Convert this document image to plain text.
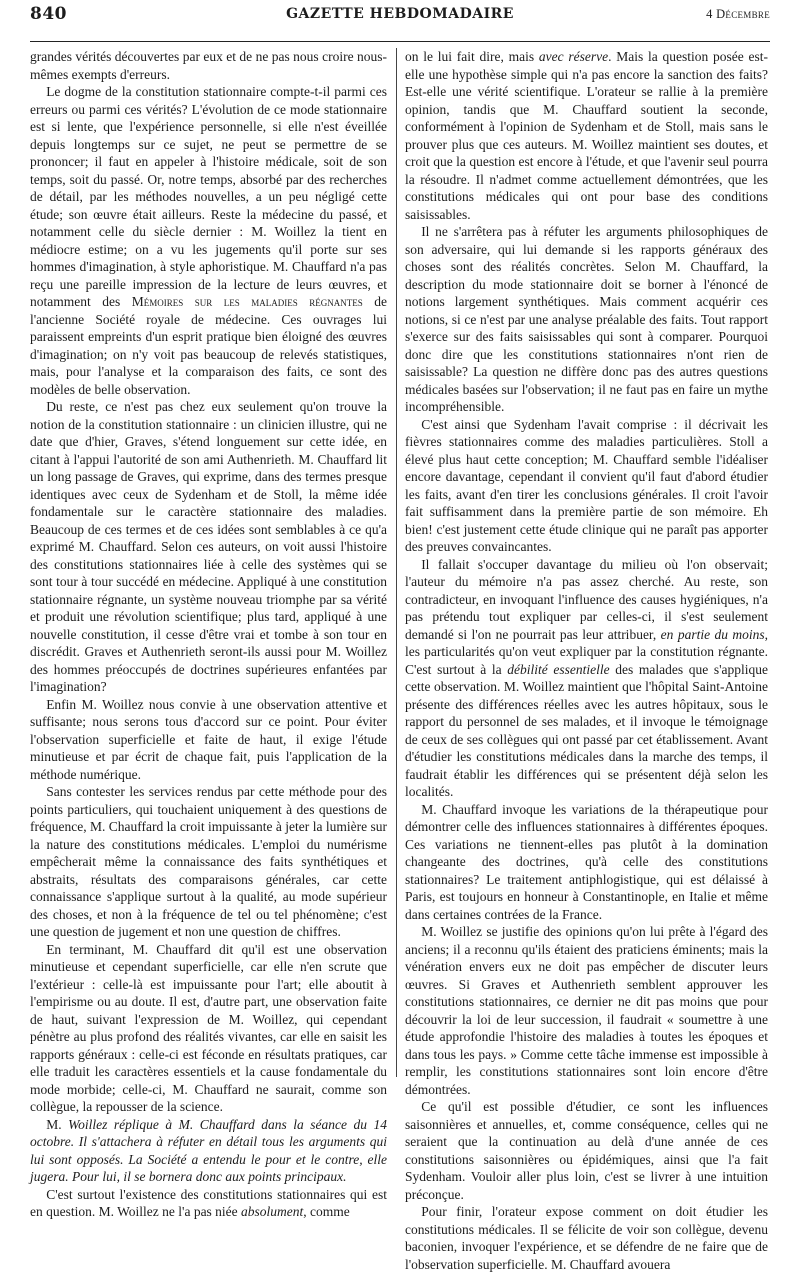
840	GAZETTE HEBDOMADAIRE	4 Décembre

grandes vérités découvertes par eux et de ne pas nous croire nous-mêmes exempts d'erreurs.

Le dogme de la constitution stationnaire compte-t-il parmi ces erreurs ou parmi ces vérités? L'évolution de ce mode stationnaire est si lente, que l'expérience personnelle, si elle n'est éveillée depuis longtemps sur ce sujet, ne peut se permettre de se prononcer; il faut en appeler à l'histoire médicale, soit de son temps, soit du passé. Or, notre temps, absorbé par des recherches de détail, par les méthodes nouvelles, a un peu négligé cette étude; son œuvre était ailleurs. Reste la médecine du passé, et notamment celle du siècle dernier : M. Woillez la tient en médiocre estime; on a vu les jugements qu'il porte sur ses hommes d'imagination, à style aphoristique. M. Chauffard n'a pas reçu une pareille impression de la lecture de leurs œuvres, et notamment des Mémoires sur les maladies régnantes de l'ancienne Société royale de médecine. Ces ouvrages lui paraissent empreints d'un esprit pratique bien éloigné des œuvres d'imagination; on n'y voit pas beaucoup de relevés statistiques, mais, pour l'analyse et la comparaison des faits, ce sont des modèles de belle observation.

Du reste, ce n'est pas chez eux seulement qu'on trouve la notion de la constitution stationnaire : un clinicien illustre, qui ne date que d'hier, Graves, s'étend longuement sur cette idée, en citant à l'appui l'autorité de son ami Authenrieth. M. Chauffard lit un long passage de Graves, qui exprime, dans des termes presque identiques avec ceux de Sydenham et de Stoll, la même idée fondamentale sur le caractère stationnaire des maladies. Beaucoup de ces termes et de ces idées sont semblables à ce qu'a exprimé M. Chauffard. Selon ces auteurs, on voit aussi l'histoire des constitutions stationnaires liée à celle des systèmes qui se sont tour à tour succédé en médecine. Appliqué à une constitution stationnaire régnante, un système nouveau triomphe par sa vérité et produit une révolution scientifique; plus tard, appliqué à une nouvelle constitution, il cesse d'être vrai et tombe à son tour en discrédit. Graves et Authenrieth seront-ils aussi pour M. Woillez des hommes préoccupés de doctrines supérieures enfantées par l'imagination?

Enfin M. Woillez nous convie à une observation attentive et suffisante; nous serons tous d'accord sur ce point. Pour éviter l'observation superficielle et faite de haut, il exige l'étude minutieuse et par écrit de chaque fait, puis l'application de la méthode numérique.

Sans contester les services rendus par cette méthode pour des points particuliers, qui touchaient uniquement à des questions de fréquence, M. Chauffard la croit impuissante à jeter la lumière sur la nature des constitutions médicales. L'emploi du numérisme empêcherait même la connaissance des faits synthétiques et abstraits, résultats des comparaisons générales, car cette connaissance s'applique surtout à la qualité, au mode supérieur des choses, et non à la fréquence de tel ou tel phénomène; c'est une question de jugement et non une question de chiffres.

En terminant, M. Chauffard dit qu'il est une observation minutieuse et cependant superficielle, car elle n'en scrute que l'extérieur : celle-là est impuissante pour l'art; elle aboutit à l'empirisme ou au doute. Il est, d'autre part, une observation faite de haut, suivant l'expression de M. Woillez, qui cependant pénètre au plus profond des réalités vivantes, car elle en saisit les rapports généraux : celle-ci est féconde en résultats pratiques, car elle traduit les caractères essentiels et la cause fondamentale du mode morbide; celle-ci, M. Chauffard ne saurait, comme son collègue, la repousser de la science.

M. Woillez réplique à M. Chauffard dans la séance du 14 octobre. Il s'attachera à réfuter en détail tous les arguments qui lui sont opposés. La Société a entendu le pour et le contre, elle jugera. Pour lui, il se bornera donc aux points principaux.

C'est surtout l'existence des constitutions stationnaires qui est en question. M. Woillez ne l'a pas niée absolument, comme

on le lui fait dire, mais avec réserve. Mais la question posée est-elle une hypothèse simple qui n'a pas encore la sanction des faits? Est-elle une vérité scientifique. L'orateur se rallie à la première opinion, tandis que M. Chauffard soutient la seconde, conformément à l'opinion de Sydenham et de Stoll, mais sans le prouver plus que ces auteurs. M. Woillez maintient ses doutes, et croit que la question est encore à l'étude, et que l'avenir seul pourra la résoudre. Il n'admet comme actuellement démontrées, que les constitutions médicales qui ont pour base des conditions saisissables.

Il ne s'arrêtera pas à réfuter les arguments philosophiques de son adversaire, qui lui demande si les rapports généraux des choses sont des réalités concrètes. Selon M. Chauffard, la description du mode stationnaire doit se borner à l'énoncé de notions largement synthétiques. Mais comment acquérir ces notions, si ce n'est par une analyse préalable des faits. Tout rapport s'exerce sur des faits saisissables qui sont à comparer. Pourquoi donc dire que les constitutions stationnaires n'ont rien de saisissable? La question ne diffère donc pas des autres questions médicales basées sur l'observation; il ne faut pas en faire un mythe incompréhensible.

C'est ainsi que Sydenham l'avait comprise : il décrivait les fièvres stationnaires comme des maladies particulières. Stoll a élevé plus haut cette conception; M. Chauffard semble l'idéaliser encore davantage, cependant il convient qu'il faut d'abord étudier les faits, avant d'en tirer les conclusions générales. Il croit l'avoir fait suffisamment dans la première partie de son mémoire. Eh bien! c'est justement cette étude clinique qui ne paraît pas apporter des preuves convaincantes.

Il fallait s'occuper davantage du milieu où l'on observait; l'auteur du mémoire n'a pas assez cherché. Au reste, son contradicteur, en invoquant l'influence des causes hygiéniques, n'a pas prétendu tout expliquer par celles-ci, il s'est seulement demandé si l'on ne pourrait pas leur attribuer, en partie du moins, les particularités qu'on veut expliquer par la constitution régnante. C'est surtout à la débilité essentielle des malades que s'applique cette observation. M. Woillez maintient que l'hôpital Saint-Antoine présente des différences réelles avec les autres hôpitaux, sous le rapport du personnel de ses malades, et il invoque le témoignage de ceux de ses collègues qui ont passé par cet établissement. Avant d'étudier les constitutions médicales dans la marche des temps, il faudrait établir les différences qui se présentent déjà selon les localités.

M. Chauffard invoque les variations de la thérapeutique pour démontrer celle des influences stationnaires à différentes époques. Ces variations ne tiennent-elles pas plutôt à la domination changeante des doctrines, qu'à celle des constitutions stationnaires? Le traitement antiphlogistique, qui est délaissé à Paris, est toujours en honneur à Constantinople, en Italie et même dans certaines contrées de la France.

M. Woillez se justifie des opinions qu'on lui prête à l'égard des anciens; il a reconnu qu'ils étaient des praticiens éminents; mais la vénération envers eux ne doit pas empêcher de discuter leurs œuvres. Si Graves et Authenrieth semblent approuver les constitutions stationnaires, ce dernier ne dit pas moins que pour découvrir la loi de leur succession, il faudrait « soumettre à une étude approfondie l'histoire des maladies à toutes les époques et dans tous les pays. » Comme cette tâche immense est impossible à remplir, les constitutions stationnaires sont loin encore d'être démontrées.

Ce qu'il est possible d'étudier, ce sont les influences saisonnières et annuelles, et, comme conséquence, celles qui ne seraient que la continuation au delà d'une année de ces constitutions saisonnières ou épidémiques, ainsi que l'a fait Sydenham. Vouloir aller plus loin, c'est se livrer à une intuition préconçue.

Pour finir, l'orateur expose comment on doit étudier les constitutions médicales. Il se félicite de voir son collègue, devenu baconien, invoquer l'expérience, et se défendre de ne faire que de l'observation superficielle. M. Chauffard avouera
